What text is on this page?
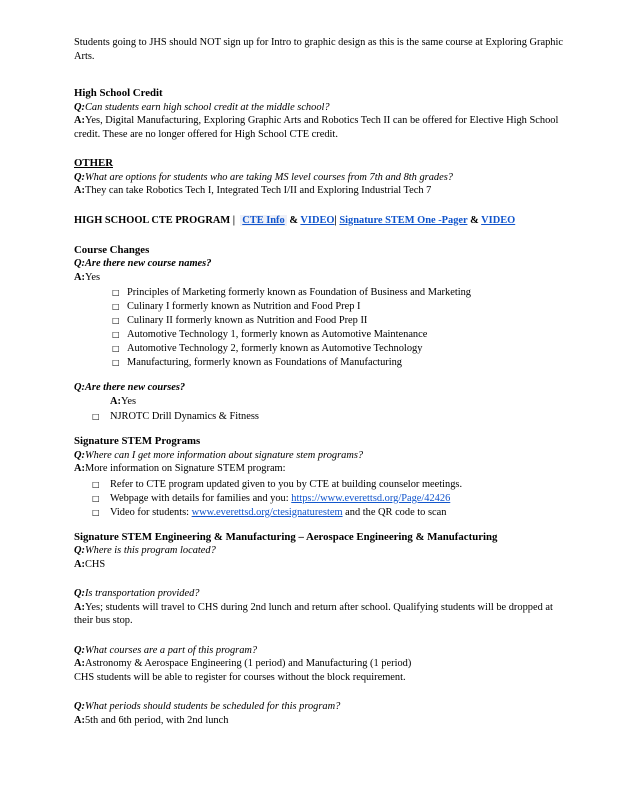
Students going to JHS should NOT sign up for Intro to graphic design as this is the same course at Exploring Graphic Arts.

High School Credit

Q:Can students earn high school credit at the middle school?

A:Yes, Digital Manufacturing, Exploring Graphic Arts and Robotics Tech II can be offered for Elective High School credit. These are no longer offered for High School CTE credit.

OTHER

Q:What are options for students who are taking MS level courses from 7th and 8th grades?

A:They can take Robotics Tech I, Integrated Tech I/II and Exploring Industrial Tech 7

HIGH SCHOOL CTE PROGRAM | CTE Info & VIDEO| Signature STEM One -Pager & VIDEO

Course Changes

Q:Are there new course names?

A:Yes

□ Principles of Marketing formerly known as Foundation of Business and Marketing
□ Culinary I formerly known as Nutrition and Food Prep I
□ Culinary II formerly known as Nutrition and Food Prep II
□ Automotive Technology 1, formerly known as Automotive Maintenance
□ Automotive Technology 2, formerly known as Automotive Technology
□ Manufacturing, formerly known as Foundations of Manufacturing

Q:Are there new courses?

A:Yes

□ NJROTC Drill Dynamics & Fitness

Signature STEM Programs

Q:Where can I get more information about signature stem programs?

A:More information on Signature STEM program:

□ Refer to CTE program updated given to you by CTE at building counselor meetings.
□ Webpage with details for families and you: https://www.everettsd.org/Page/42426
□ Video for students: www.everettsd.org/ctesignaturestem and the QR code to scan

Signature STEM Engineering & Manufacturing – Aerospace Engineering & Manufacturing

Q:Where is this program located?

A:CHS

Q:Is transportation provided?

A:Yes; students will travel to CHS during 2nd lunch and return after school. Qualifying students will be dropped at their bus stop.

Q:What courses are a part of this program?

A:Astronomy & Aerospace Engineering (1 period) and Manufacturing (1 period)

CHS students will be able to register for courses without the block requirement.

Q:What periods should students be scheduled for this program?

A:5th and 6th period, with 2nd lunch
